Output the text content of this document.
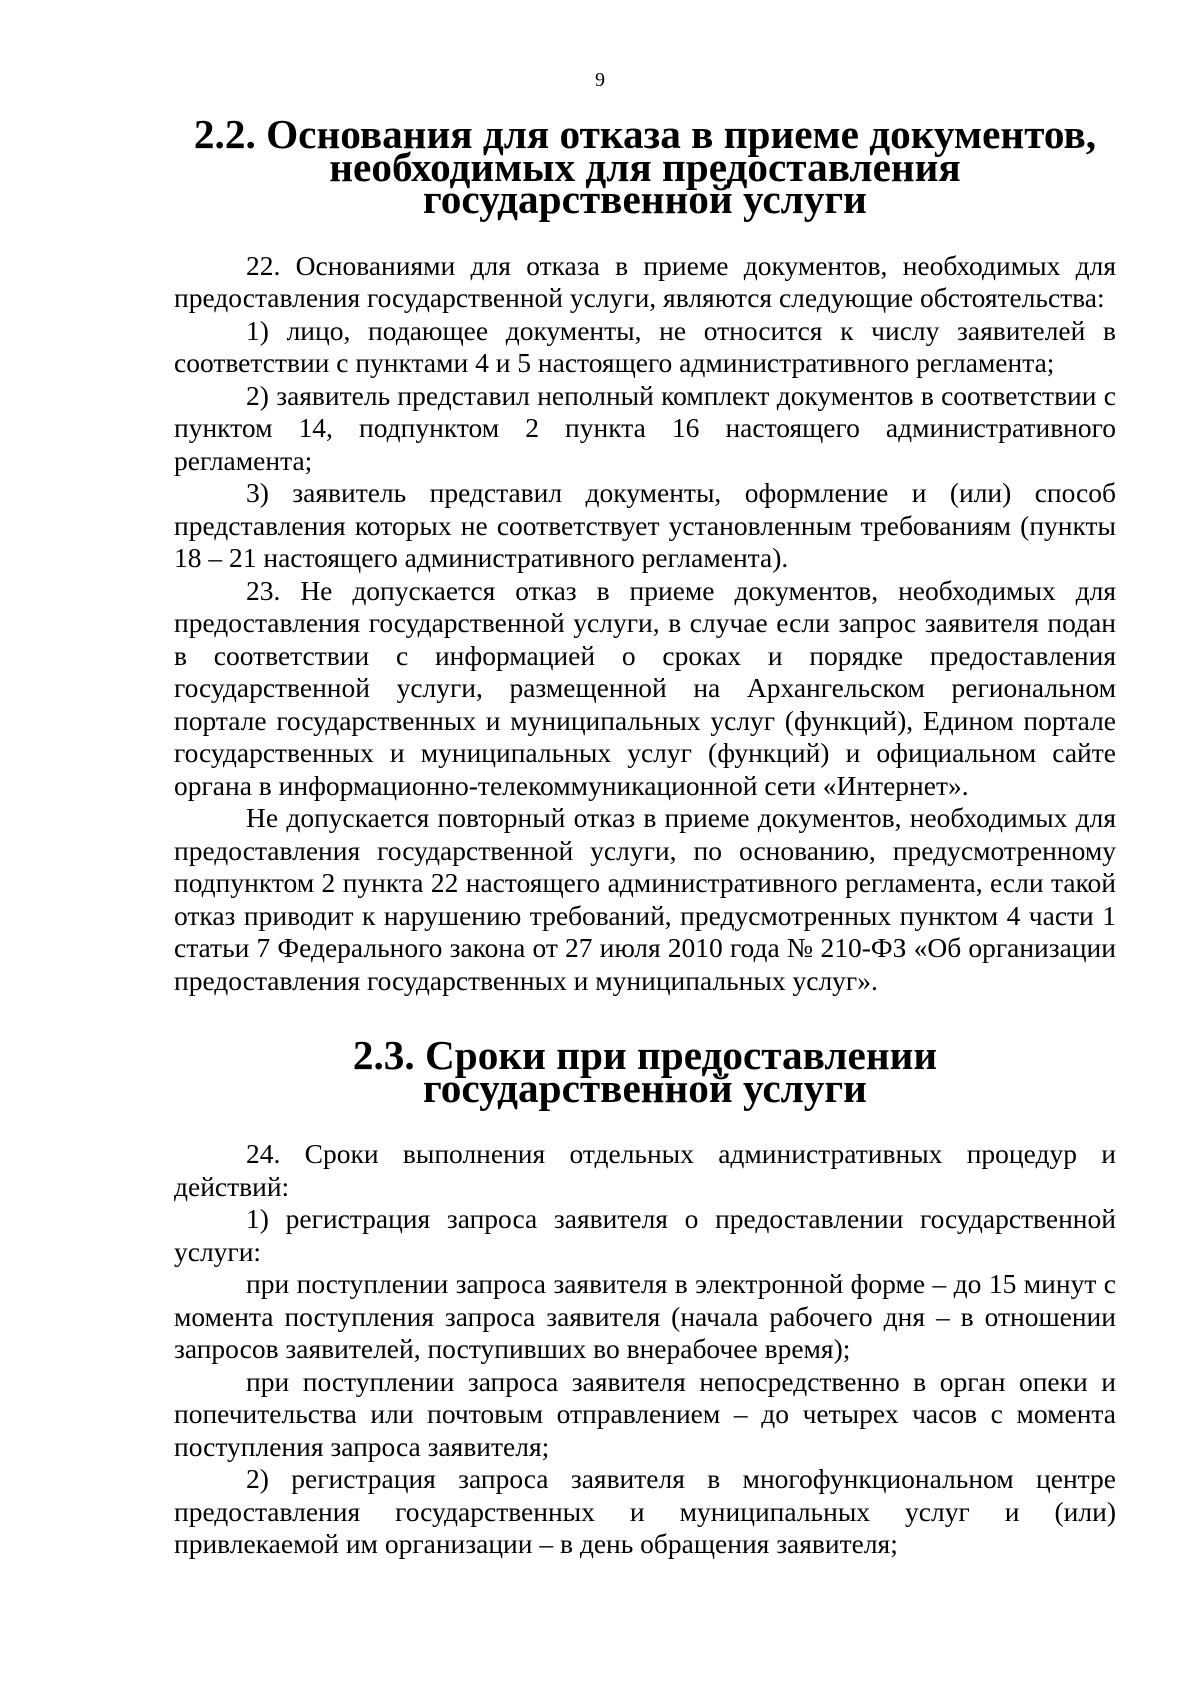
9
2.2. Основания для отказа в приеме документов,
необходимых для предоставления государственной услуги

22. Основаниями для отказа в приеме документов, необходимых для предоставления государственной услуги, являются следующие обстоятельства:

1) лицо, подающее документы, не относится к числу заявителей в соответствии с пунктами 4 и 5 настоящего административного регламента;

2) заявитель представил неполный комплект документов в соответствии с пунктом 14, подпунктом 2 пункта 16 настоящего административного регламента;

3) заявитель представил документы, оформление и (или) способ представления которых не соответствует установленным требованиям (пункты 18 – 21 настоящего административного регламента).

23. Не допускается отказ в приеме документов, необходимых для предоставления государственной услуги, в случае если запрос заявителя подан в соответствии с информацией о сроках и порядке предоставления государственной услуги, размещенной на Архангельском региональном портале государственных и муниципальных услуг (функций), Едином портале государственных и муниципальных услуг (функций) и официальном сайте органа в информационно-телекоммуникационной сети «Интернет».

Не допускается повторный отказ в приеме документов, необходимых для предоставления государственной услуги, по основанию, предусмотренному подпунктом 2 пункта 22 настоящего административного регламента, если такой отказ приводит к нарушению требований, предусмотренных пунктом 4 части 1 статьи 7 Федерального закона от 27 июля 2010 года № 210-ФЗ «Об организации предоставления государственных и муниципальных услуг».

2.3. Сроки при предоставлении
государственной услуги

24. Сроки выполнения отдельных административных процедур и действий:

1) регистрация запроса заявителя о предоставлении государственной услуги:

при поступлении запроса заявителя в электронной форме – до 15 минут с момента поступления запроса заявителя (начала рабочего дня – в отношении запросов заявителей, поступивших во внерабочее время);

при поступлении запроса заявителя непосредственно в орган опеки и попечительства или почтовым отправлением – до четырех часов с момента поступления запроса заявителя;

2) регистрация запроса заявителя в многофункциональном центре предоставления государственных и муниципальных услуг и (или) привлекаемой им организации – в день обращения заявителя;
